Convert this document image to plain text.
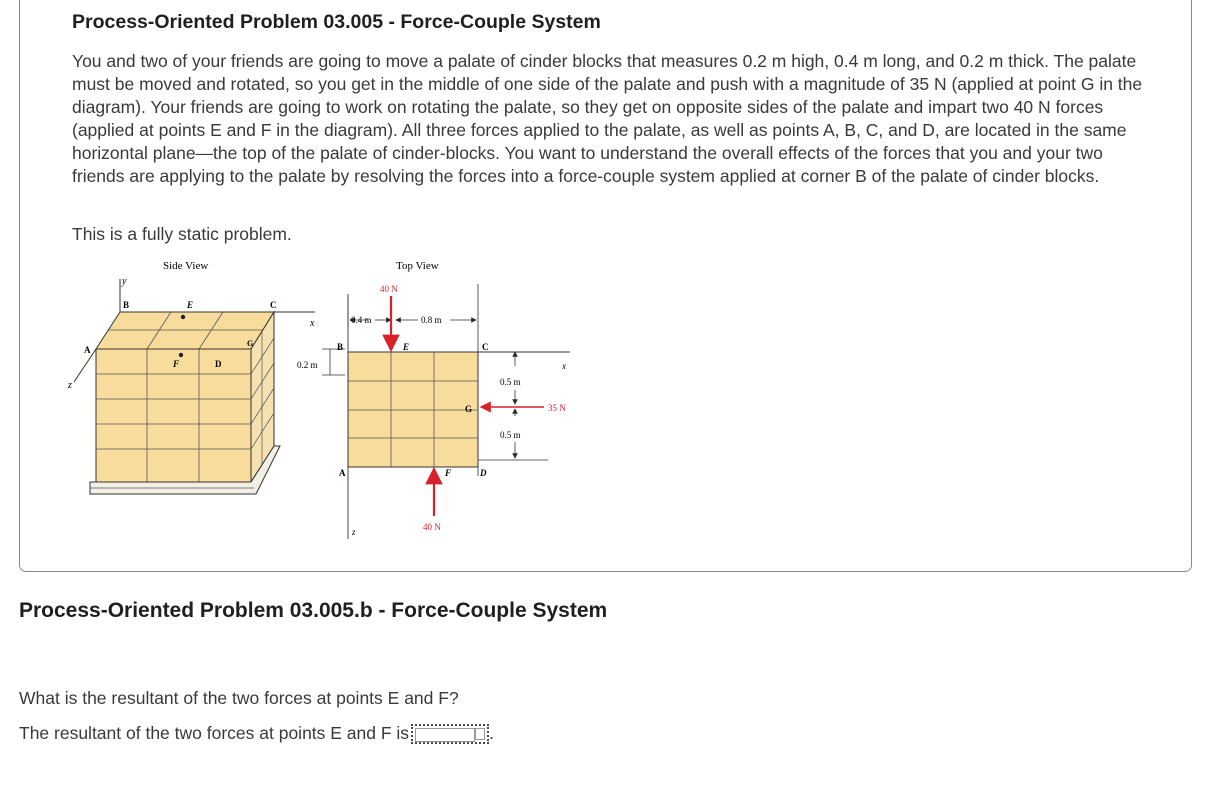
Process-Oriented Problem 03.005 - Force-Couple System
You and two of your friends are going to move a palate of cinder blocks that measures 0.2 m high, 0.4 m long, and 0.2 m thick. The palate must be moved and rotated, so you get in the middle of one side of the palate and push with a magnitude of 35 N (applied at point G in the diagram). Your friends are going to work on rotating the palate, so they get on opposite sides of the palate and impart two 40 N forces (applied at points E and F in the diagram). All three forces applied to the palate, as well as points A, B, C, and D, are located in the same horizontal plane—the top of the palate of cinder-blocks. You want to understand the overall effects of the forces that you and your two friends are applying to the palate by resolving the forces into a force-couple system applied at corner B of the palate of cinder blocks.
This is a fully static problem.
Side View
y
x
z
B	E	C
A
F	D
G
0.2 m
Top View
x
z
0.5 m
0.5 m
0.4 m	0.8 m
40 N
E
40 N
F
35 N
G
B	C
A	D
Process-Oriented Problem 03.005.b - Force-Couple System
What is the resultant of the two forces at points E and F?
The resultant of the two forces at points E and F is	.
